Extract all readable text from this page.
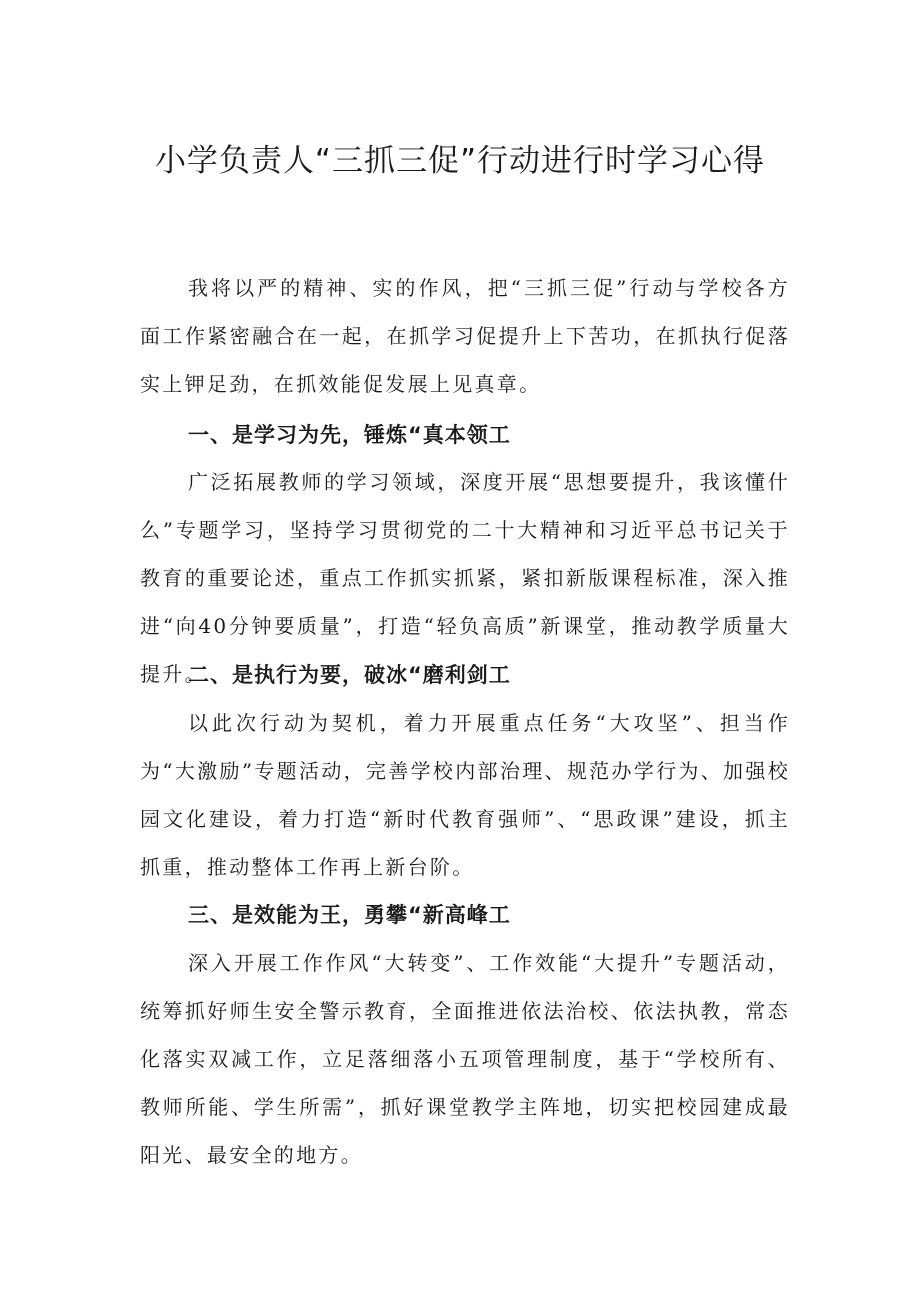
小学负责人“三抓三促”行动进行时学习心得

我将以严的精神、实的作风，把“三抓三促”行动与学校各方面工作紧密融合在一起，在抓学习促提升上下苦功，在抓执行促落实上钾足劲，在抓效能促发展上见真章。

一、是学习为先，锤炼“真本领工

广泛拓展教师的学习领域，深度开展“思想要提升，我该懂什么”专题学习，坚持学习贯彻党的二十大精神和习近平总书记关于教育的重要论述，重点工作抓实抓紧，紧扣新版课程标准，深入推进“向40分钟要质量”，打造“轻负高质”新课堂，推动教学质量大提升。

二、是执行为要，破冰“磨利剑工

以此次行动为契机，着力开展重点任务“大攻坚”、担当作为“大激励”专题活动，完善学校内部治理、规范办学行为、加强校园文化建设，着力打造“新时代教育强师”、“思政课”建设，抓主抓重，推动整体工作再上新台阶。

三、是效能为王，勇攀“新高峰工

深入开展工作作风“大转变”、工作效能“大提升”专题活动，统筹抓好师生安全警示教育，全面推进依法治校、依法执教，常态化落实双减工作，立足落细落小五项管理制度，基于“学校所有、教师所能、学生所需”，抓好课堂教学主阵地，切实把校园建成最阳光、最安全的地方。
